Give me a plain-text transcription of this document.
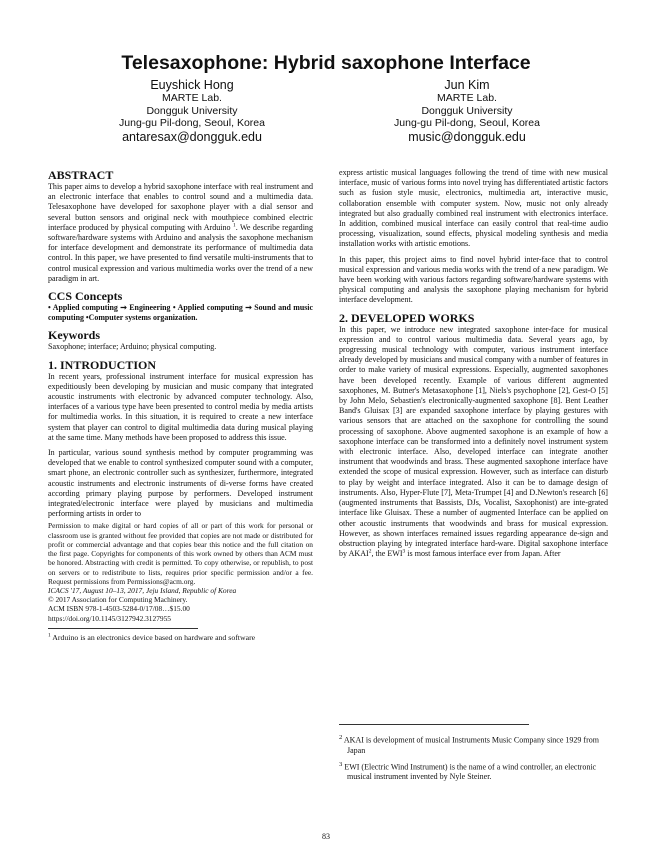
Telesaxophone: Hybrid saxophone Interface
Euyshick Hong
MARTE Lab.
Dongguk University
Jung-gu Pil-dong, Seoul, Korea
antaresax@dongguk.edu
Jun Kim
MARTE Lab.
Dongguk University
Jung-gu Pil-dong, Seoul, Korea
music@dongguk.edu
ABSTRACT

This paper aims to develop a hybrid saxophone interface with real instrument and an electronic interface that enables to control sound and a multimedia data. Telesaxophone have developed for saxophone player with a dial sensor and several button sensors and original neck with mouthpiece combined electric interface produced by physical computing with Arduino $^1$. We describe regarding software/hardware systems with Arduino and analysis the saxophone mechanism for interface development and demonstrate its performance of multimedia data control. In this paper, we have presented to find versatile multi-instruments that to control musical expression and various multimedia works over the trend of a new paradigm in art.

CCS Concepts

• Applied computing ➞ Engineering • Applied computing ➞ Sound and music computing •Computer systems organization.

Keywords

Saxophone; interface; Arduino; physical computing.

1. INTRODUCTION

In recent years, professional instrument interface for musical expression has expeditiously been developing by musician and music company that integrated acoustic instruments with electronic by advanced computer technology. Also, interfaces of a various type have been presented to control media by media artists for multimedia works. In this situation, it is required to create a new interface system that player can control to digital multimedia data during musical playing at the same time. Many methods have been proposed to address this issue.

In particular, various sound synthesis method by computer programming was developed that we enable to control synthesized computer sound with a computer, smart phone, an electronic controller such as synthesizer, furthermore, integrated acoustic instruments and electronic instruments of di-verse forms have created according primary playing purpose by performers. Developed instrument integrated/electronic interface were played by musicians and multimedia performing artists in order to

Permission to make digital or hard copies of all or part of this work for personal or classroom use is granted without fee provided that copies are not made or distributed for profit or commercial advantage and that copies bear this notice and the full citation on the first page. Copyrights for components of this work owned by others than ACM must be honored. Abstracting with credit is permitted. To copy otherwise, or republish, to post on servers or to redistribute to lists, requires prior specific permission and/or a fee. Request permissions from Permissions@acm.org.

ICACS '17, August 10–13, 2017, Jeju Island, Republic of Korea

© 2017 Association for Computing Machinery.

ACM ISBN 978-1-4503-5284-0/17/08…$15.00

https://doi.org/10.1145/3127942.3127955

$^1$ Arduino is an electronics device based on hardware and software

express artistic musical languages following the trend of time with new musical interface, music of various forms into novel trying has differentiated artistic factors such as fusion style music, electronics, multimedia art, interactive music, collaboration ensemble with computer system. Now, music not only already integrated but also gradually combined real instrument with electronics interface. In addition, combined musical interface can easily control that real-time audio processing, visualization, sound effects, physical modeling synthesis and media installation works with artistic emotions.

In this paper, this project aims to find novel hybrid inter-face that to control musical expression and various media works with the trend of a new paradigm. We have been working with various factors regarding software/hardware systems with physical computing and analysis the saxophone playing mechanism for hybrid interface development.

2. DEVELOPED WORKS

In this paper, we introduce new integrated saxophone inter-face for musical expression and to control various multimedia data. Several years ago, by progressing musical technology with computer, various instrument interface already developed by musicians and musical company with a number of features in order to make variety of musical expressions. Especially, augmented saxophones have been developed recently. Example of various different augmented saxophones, M. Butner's Metasaxophone [1], Niels's psychophone [2], Gest-O [5] by John Melo, Sebastien's electronically-augmented saxophone [8]. Bent Leather Band's Gluisax [3] are expanded saxophone interface by playing gestures with various sensors that are attached on the saxophone for controlling the sound processing of saxophone. Above augmented saxophone is an example of how a saxophone interface can be transformed into a definitely novel instrument system with electronic interface. Also, developed interface can integrate another instrument that woodwinds and brass. These augmented saxophone interface have extended the scope of musical expression. However, such as interface can disturb to play by weight and interface integrated. Also it can be to damage design of instruments. Also, Hyper-Flute [7], Meta-Trumpet [4] and D.Newton's research [6] (augmented instruments that Bassists, DJs, Vocalist, Saxophonist) are inte-grated interface like Gluisax. These a number of augmented Interface can be applied on other acoustic instruments that woodwinds and brass for musical expression. However, as shown interfaces remained issues regarding appearance de-sign and obstruction playing by integrated interface hard-ware. Digital saxophone interface by AKAI$^2$, the EWI$^3$ is most famous interface ever from Japan. After

$^2$ AKAI is development of musical Instruments Music Company since 1929 from Japan

$^3$ EWI (Electric Wind Instrument) is the name of a wind controller, an electronic musical instrument invented by Nyle Steiner.

83
